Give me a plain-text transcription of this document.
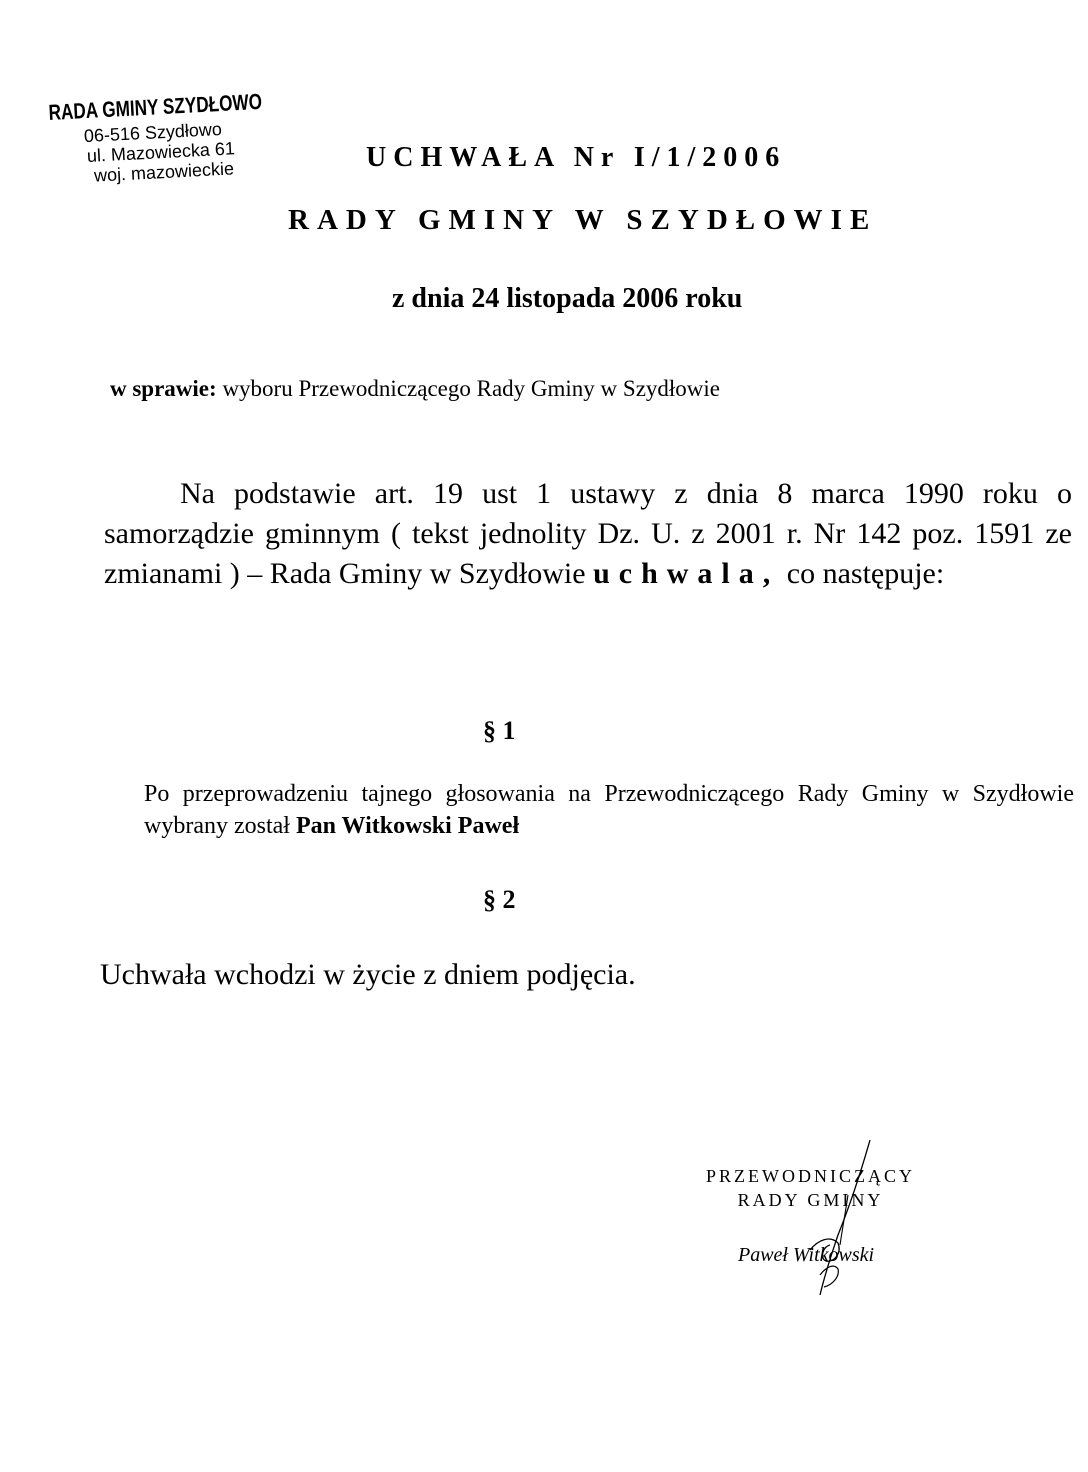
RADA GMINY SZYDŁOWO
06-516 Szydłowo
ul. Mazowiecka 61
woj. mazowieckie	UCHWAŁA Nr I/1/2006
RADY GMINY W SZYDŁOWIE
z dnia 24 listopada 2006 roku
w sprawie: wyboru Przewodniczącego Rady Gminy w Szydłowie
Na podstawie art. 19 ust 1 ustawy z dnia 8 marca 1990 roku o samorządzie gminnym ( tekst jednolity Dz. U. z 2001 r. Nr 142 poz. 1591 ze zmianami ) – Rada Gminy w Szydłowie uchwala, co następuje:
§ 1
Po przeprowadzeniu tajnego głosowania na Przewodniczącego Rady Gminy w Szydłowie wybrany został Pan Witkowski Paweł
§ 2
Uchwała wchodzi w życie z dniem podjęcia.
PRZEWODNICZĄCY
RADY GMINY
Paweł Witkowski
